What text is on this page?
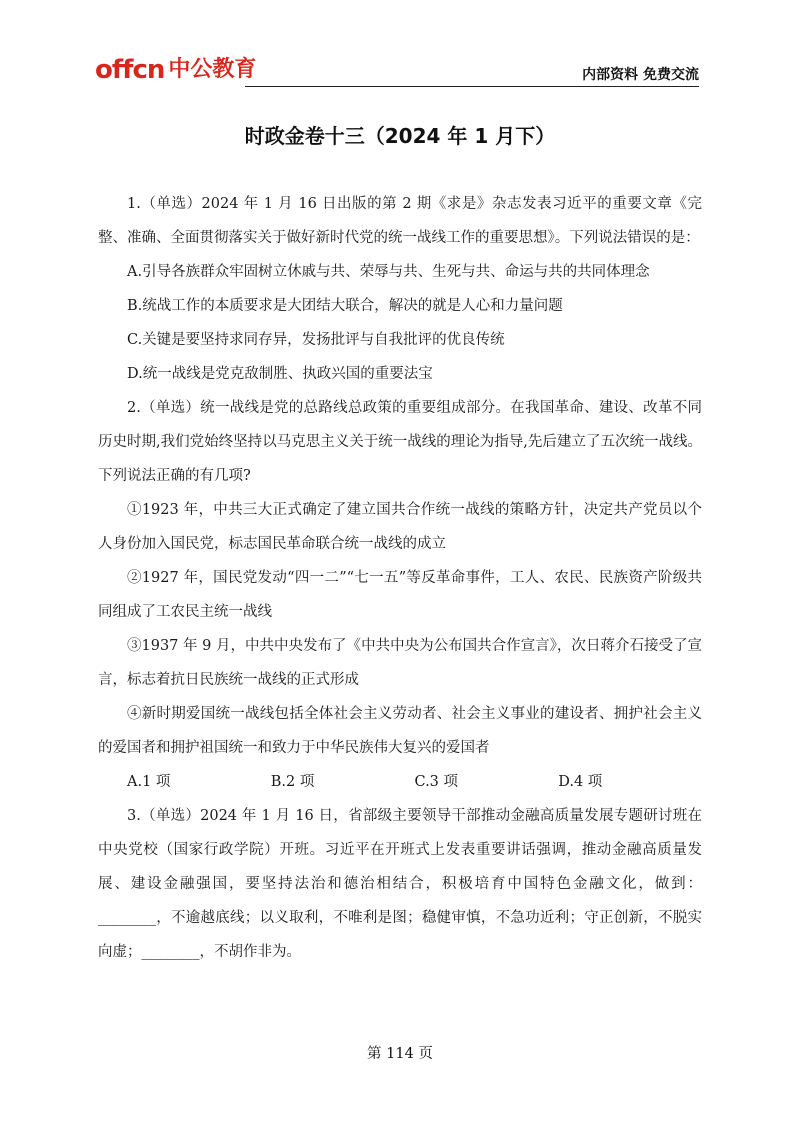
offcn 中公教育	内部资料 免费交流
时政金卷十三（2024 年 1 月下）
1.（单选）2024 年 1 月 16 日出版的第 2 期《求是》杂志发表习近平的重要文章《完整、准确、全面贯彻落实关于做好新时代党的统一战线工作的重要思想》。下列说法错误的是：
A.引导各族群众牢固树立休戚与共、荣辱与共、生死与共、命运与共的共同体理念
B.统战工作的本质要求是大团结大联合，解决的就是人心和力量问题
C.关键是要坚持求同存异，发扬批评与自我批评的优良传统
D.统一战线是党克敌制胜、执政兴国的重要法宝
2.（单选）统一战线是党的总路线总政策的重要组成部分。在我国革命、建设、改革不同历史时期,我们党始终坚持以马克思主义关于统一战线的理论为指导,先后建立了五次统一战线。下列说法正确的有几项?
①1923 年，中共三大正式确定了建立国共合作统一战线的策略方针，决定共产党员以个人身份加入国民党，标志国民革命联合统一战线的成立
②1927 年，国民党发动“四一二”“七一五”等反革命事件，工人、农民、民族资产阶级共同组成了工农民主统一战线
③1937 年 9 月，中共中央发布了《中共中央为公布国共合作宣言》，次日蒋介石接受了宣言，标志着抗日民族统一战线的正式形成
④新时期爱国统一战线包括全体社会主义劳动者、社会主义事业的建设者、拥护社会主义的爱国者和拥护祖国统一和致力于中华民族伟大复兴的爱国者
A.1 项	B.2 项	C.3 项	D.4 项
3.（单选）2024 年 1 月 16 日，省部级主要领导干部推动金融高质量发展专题研讨班在中央党校（国家行政学院）开班。习近平在开班式上发表重要讲话强调，推动金融高质量发展、建设金融强国，要坚持法治和德治相结合，积极培育中国特色金融文化，做到：________，不逾越底线；以义取利，不唯利是图；稳健审慎，不急功近利；守正创新，不脱实向虚；________，不胡作非为。
第 114 页
